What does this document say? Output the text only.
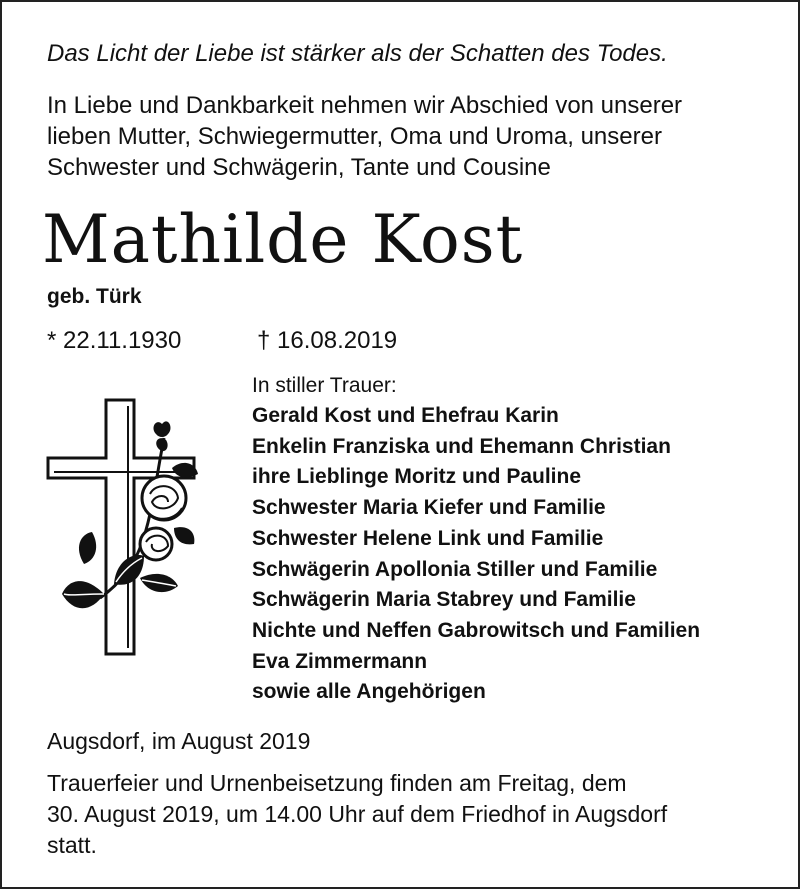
Das Licht der Liebe ist stärker als der Schatten des Todes.
In Liebe und Dankbarkeit nehmen wir Abschied von unserer
lieben Mutter, Schwiegermutter, Oma und Uroma, unserer
Schwester und Schwägerin, Tante und Cousine
Mathilde Kost
geb. Türk
* 22.11.1930	† 16.08.2019
In stiller Trauer:
Gerald Kost und Ehefrau Karin
Enkelin Franziska und Ehemann Christian
ihre Lieblinge Moritz und Pauline
Schwester Maria Kiefer und Familie
Schwester Helene Link und Familie
Schwägerin Apollonia Stiller und Familie
Schwägerin Maria Stabrey und Familie
Nichte und Neffen Gabrowitsch und Familien
Eva Zimmermann
sowie alle Angehörigen
Augsdorf, im August 2019
Trauerfeier und Urnenbeisetzung finden am Freitag, dem
30. August 2019, um 14.00 Uhr auf dem Friedhof in Augsdorf
statt.
